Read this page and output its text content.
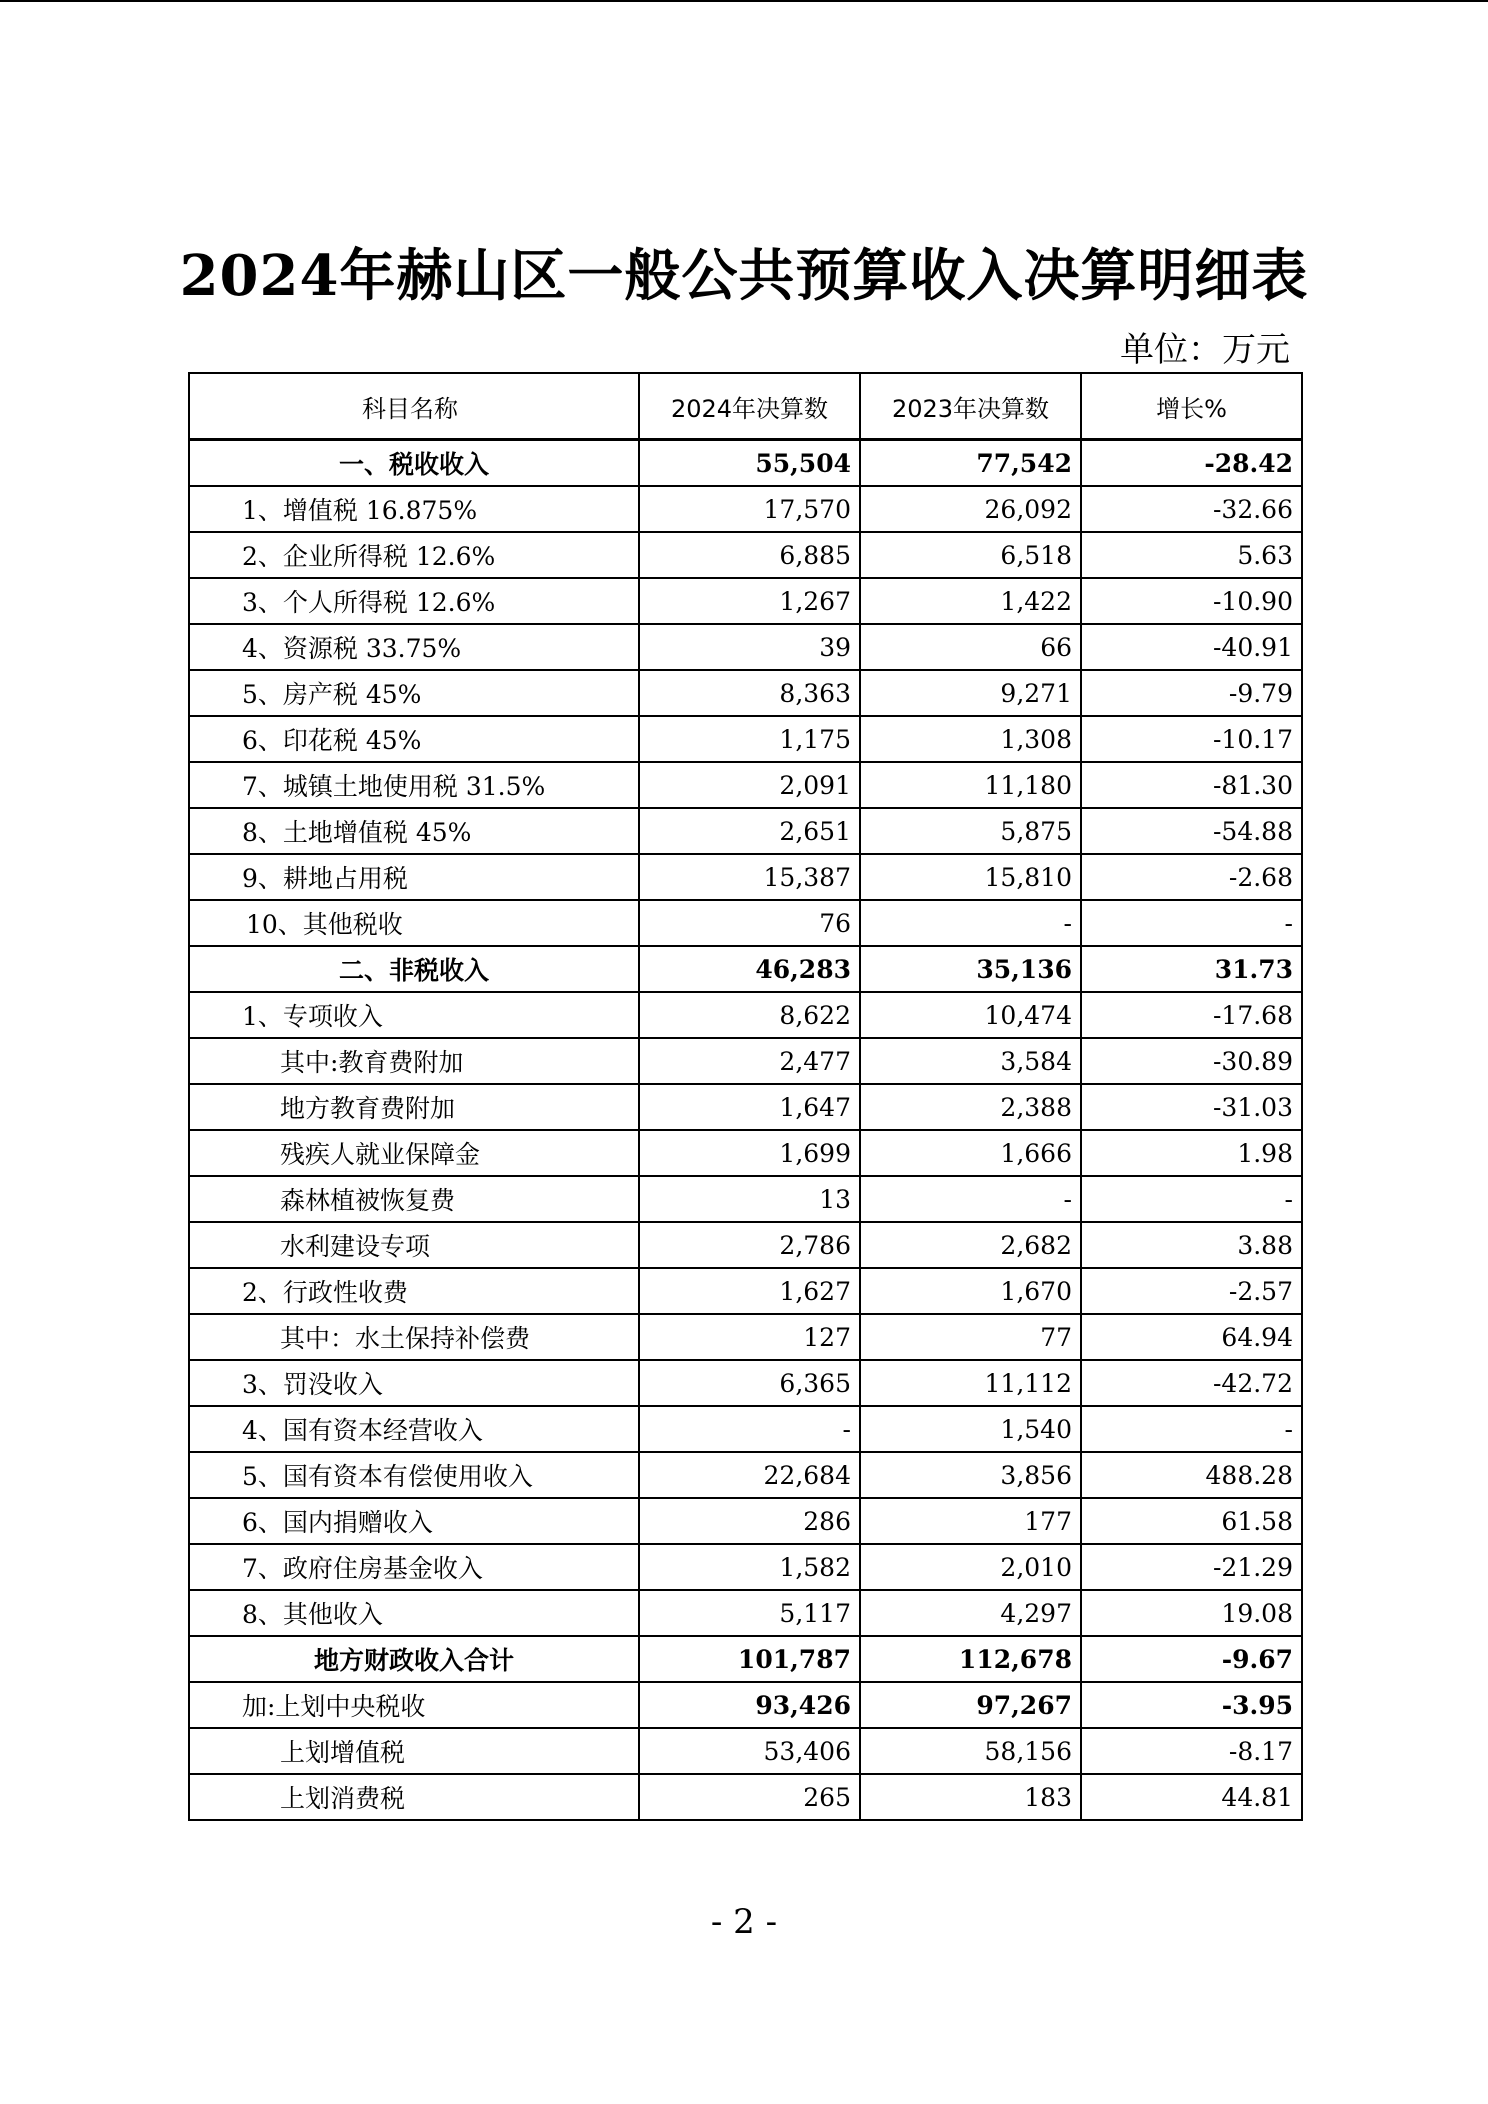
2024年赫山区一般公共预算收入决算明细表
单位：万元
科目名称	2024年决算数	2023年决算数	增长%
一、税收收入	55,504	77,542	-28.42
1、增值税 16.875%	17,570	26,092	-32.66
2、企业所得税 12.6%	6,885	6,518	5.63
3、个人所得税 12.6%	1,267	1,422	-10.90
4、资源税 33.75%	39	66	-40.91
5、房产税 45%	8,363	9,271	-9.79
6、印花税 45%	1,175	1,308	-10.17
7、城镇土地使用税 31.5%	2,091	11,180	-81.30
8、土地增值税 45%	2,651	5,875	-54.88
9、耕地占用税	15,387	15,810	-2.68
10、其他税收	76	-	-
二、非税收入	46,283	35,136	31.73
1、专项收入	8,622	10,474	-17.68
其中:教育费附加	2,477	3,584	-30.89
地方教育费附加	1,647	2,388	-31.03
残疾人就业保障金	1,699	1,666	1.98
森林植被恢复费	13	-	-
水利建设专项	2,786	2,682	3.88
2、行政性收费	1,627	1,670	-2.57
其中：水土保持补偿费	127	77	64.94
3、罚没收入	6,365	11,112	-42.72
4、国有资本经营收入	-	1,540	-
5、国有资本有偿使用收入	22,684	3,856	488.28
6、国内捐赠收入	286	177	61.58
7、政府住房基金收入	1,582	2,010	-21.29
8、其他收入	5,117	4,297	19.08
地方财政收入合计	101,787	112,678	-9.67
加:上划中央税收	93,426	97,267	-3.95
上划增值税	53,406	58,156	-8.17
上划消费税	265	183	44.81
- 2 -
